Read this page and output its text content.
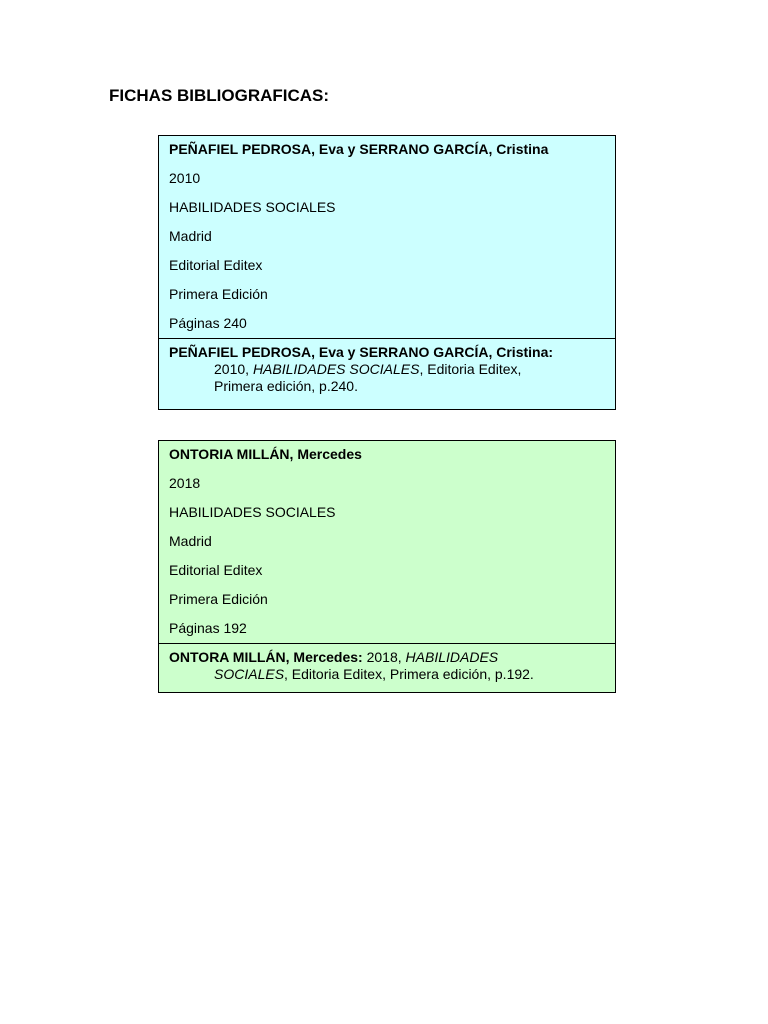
FICHAS BIBLIOGRAFICAS:
PEÑAFIEL PEDROSA, Eva y SERRANO GARCÍA, Cristina
2010
HABILIDADES SOCIALES
Madrid
Editorial Editex
Primera Edición
Páginas 240
PEÑAFIEL PEDROSA, Eva y SERRANO GARCÍA, Cristina:
2010, HABILIDADES SOCIALES, Editoria Editex,
Primera edición, p.240.
ONTORIA MILLÁN, Mercedes
2018
HABILIDADES SOCIALES
Madrid
Editorial Editex
Primera Edición
Páginas 192
ONTORA MILLÁN, Mercedes: 2018, HABILIDADES
SOCIALES, Editoria Editex, Primera edición, p.192.
